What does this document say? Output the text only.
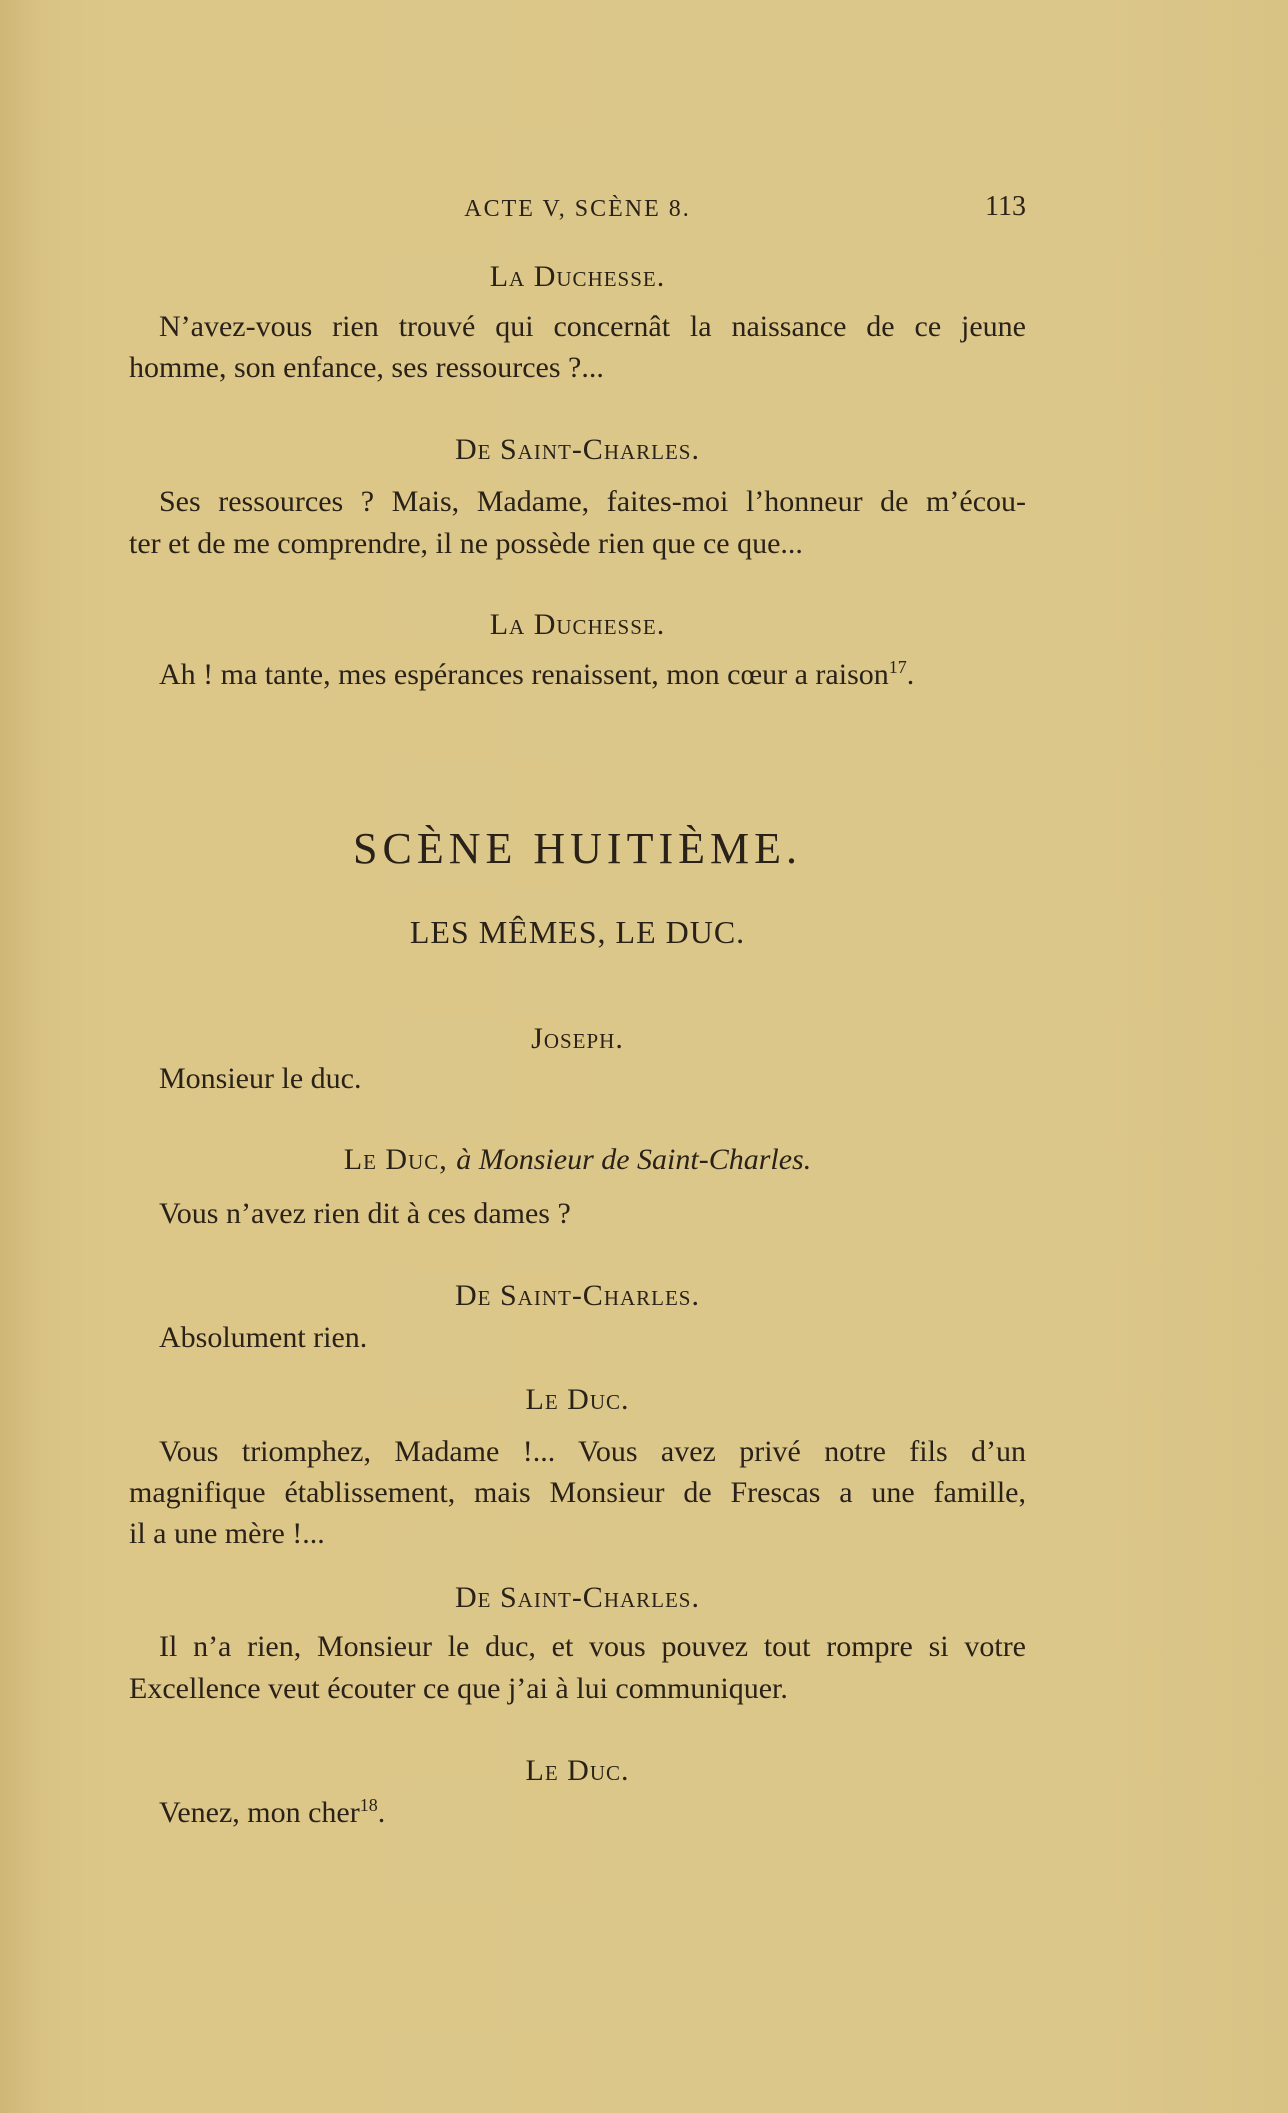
ACTE V, SCÈNE 8.	113
La Duchesse.
N’avez-vous rien trouvé qui concernât la naissance de ce jeune
homme, son enfance, ses ressources ?...
De Saint-Charles.
Ses ressources ? Mais, Madame, faites-moi l’honneur de m’écou-
ter et de me comprendre, il ne possède rien que ce que...
La Duchesse.
Ah ! ma tante, mes espérances renaissent, mon cœur a raison$^{17}$.
SCÈNE HUITIÈME.
LES MÊMES, LE DUC.
Joseph.
Monsieur le duc.
Le Duc, à Monsieur de Saint-Charles.
Vous n’avez rien dit à ces dames ?
De Saint-Charles.
Absolument rien.
Le Duc.
Vous triomphez, Madame !... Vous avez privé notre fils d’un
magnifique établissement, mais Monsieur de Frescas a une famille,
il a une mère !...
De Saint-Charles.
Il n’a rien, Monsieur le duc, et vous pouvez tout rompre si votre
Excellence veut écouter ce que j’ai à lui communiquer.
Le Duc.
Venez, mon cher$^{18}$.
